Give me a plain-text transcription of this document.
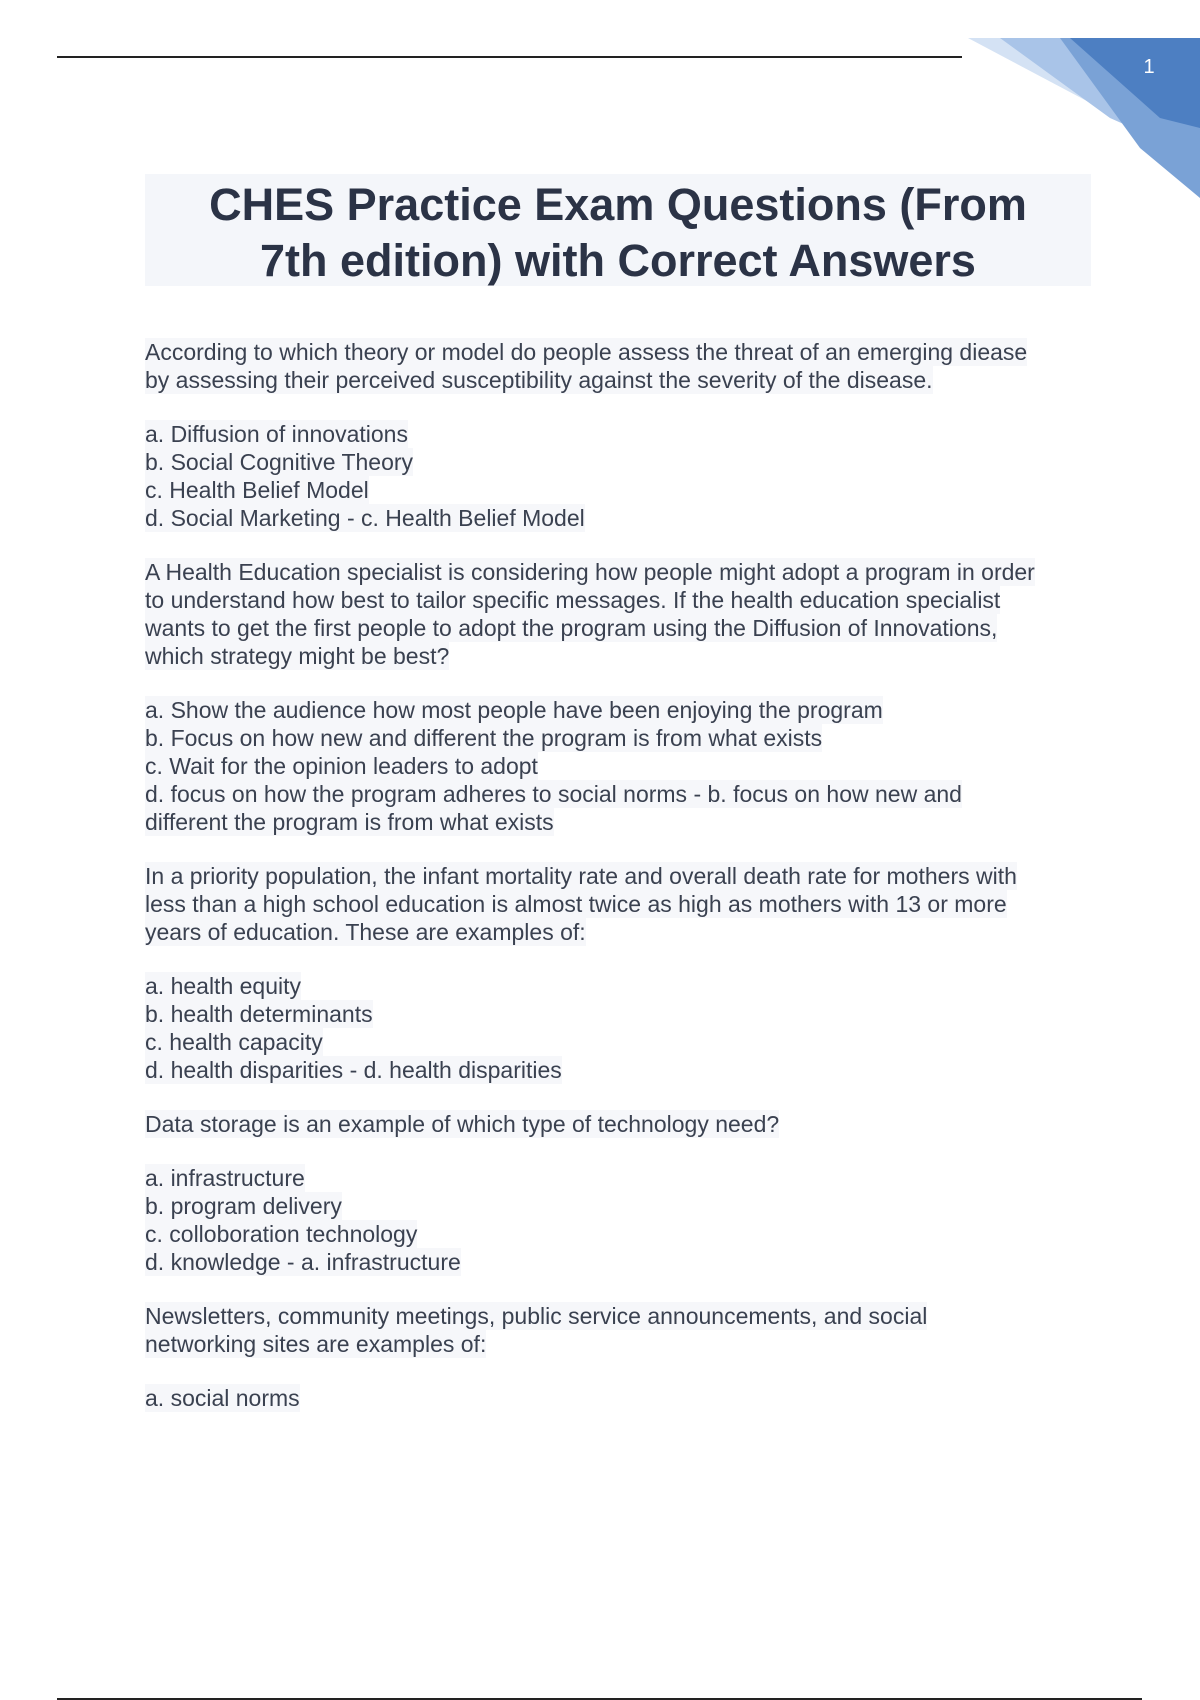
1
CHES Practice Exam Questions (From
7th edition) with Correct Answers
According to which theory or model do people assess the threat of an emerging diease
by assessing their perceived susceptibility against the severity of the disease.
a. Diffusion of innovations
b. Social Cognitive Theory
c. Health Belief Model
d. Social Marketing - c. Health Belief Model
A Health Education specialist is considering how people might adopt a program in order
to understand how best to tailor specific messages. If the health education specialist
wants to get the first people to adopt the program using the Diffusion of Innovations,
which strategy might be best?
a. Show the audience how most people have been enjoying the program
b. Focus on how new and different the program is from what exists
c. Wait for the opinion leaders to adopt
d. focus on how the program adheres to social norms - b. focus on how new and
different the program is from what exists
In a priority population, the infant mortality rate and overall death rate for mothers with
less than a high school education is almost twice as high as mothers with 13 or more
years of education. These are examples of:
a. health equity
b. health determinants
c. health capacity
d. health disparities - d. health disparities
Data storage is an example of which type of technology need?
a. infrastructure
b. program delivery
c. colloboration technology
d. knowledge - a. infrastructure
Newsletters, community meetings, public service announcements, and social
networking sites are examples of:
a. social norms
